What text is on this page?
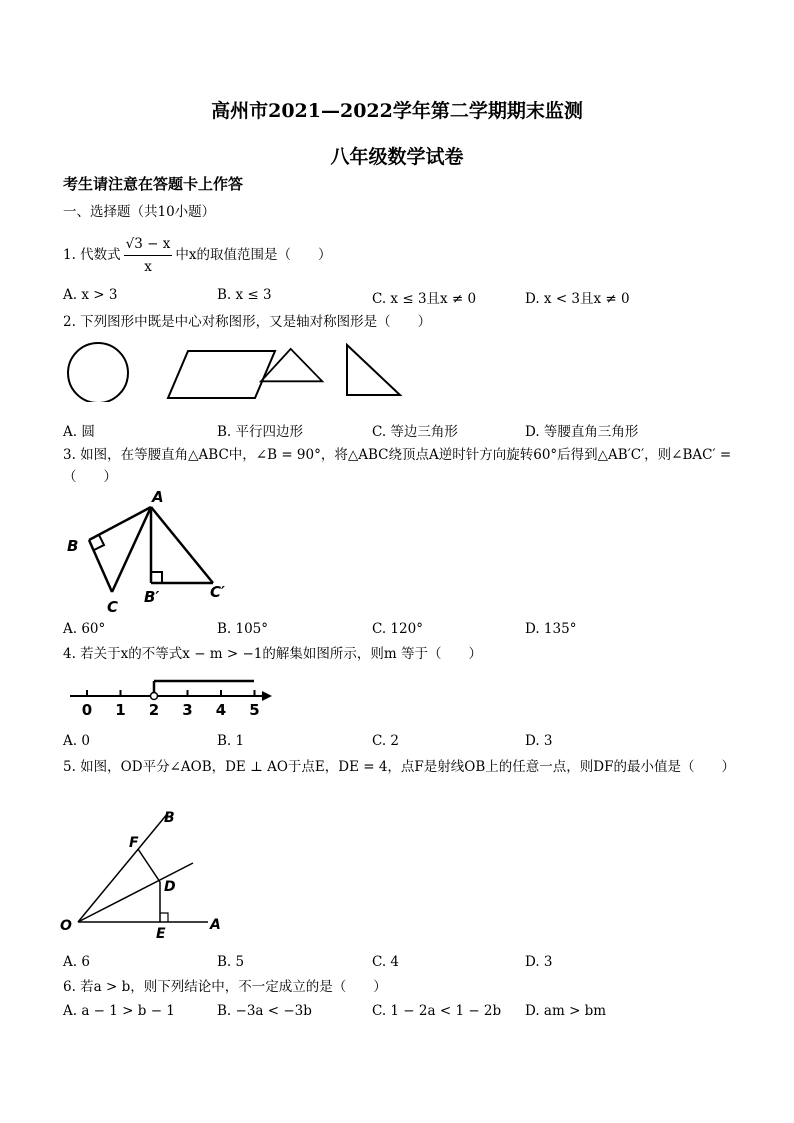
高州市2021—2022学年第二学期期末监测
八年级数学试卷
考生请注意在答题卡上作答
一、选择题（共10小题）
1. 代数式 $\frac{√3 - x}{x}$ 中x的取值范围是（　　）
A. x > 3	B. x ≤ 3	C. x ≤ 3且x ≠ 0	D. x < 3且x ≠ 0
2. 下列图形中既是中心对称图形，又是轴对称图形是（　　）
A. 圆	B. 平行四边形	C. 等边三角形	D. 等腰直角三角形
3. 如图，在等腰直角△ABC中，∠B = 90°，将△ABC绕顶点A逆时针方向旋转60°后得到△AB′C′，则∠BAC′ =（　　）
A
B
C
B′	C′
A. 60°	B. 105°	C. 120°	D. 135°
4. 若关于x的不等式x − m > −1的解集如图所示，则m 等于（　　）
0 1 2 3 4 5
A. 0	B. 1	C. 2	D. 3
5. 如图，OD平分∠AOB，DE ⊥ AO于点E，DE = 4，点F是射线OB上的任意一点，则DF的最小值是（　　）
O	A
B
D
E
F
A. 6	B. 5	C. 4	D. 3
6. 若a > b，则下列结论中，不一定成立的是（　　）
A. a − 1 > b − 1	B. −3a < −3b	C. 1 − 2a < 1 − 2b D. am > bm
